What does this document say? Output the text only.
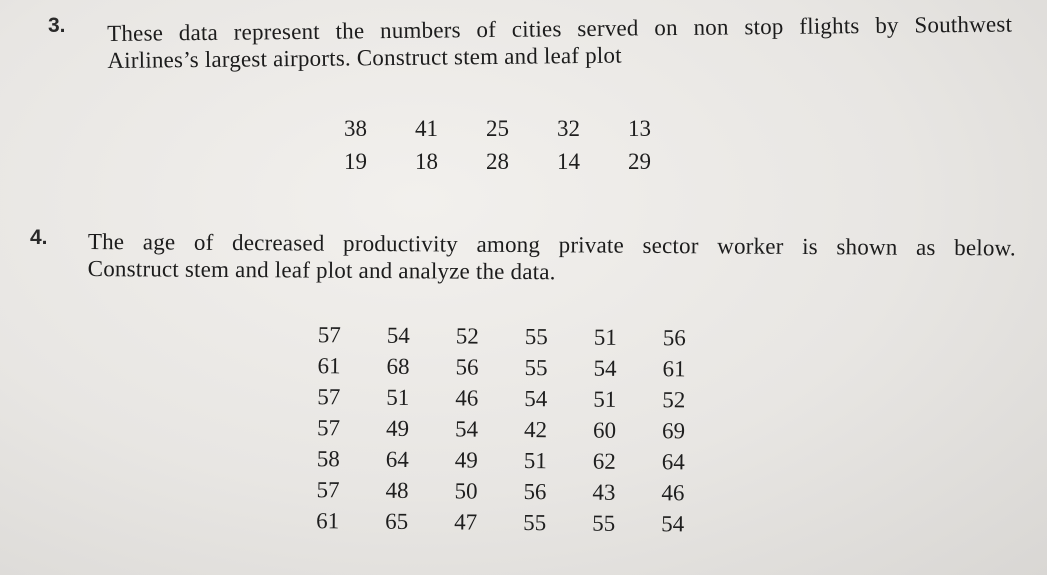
3. These data represent the numbers of cities served on non stop flights by Southwest
Airlines’s largest airports. Construct stem and leaf plot
38	41	25	32	13
19	18	28	14	29
4. The age of decreased productivity among private sector worker is shown as below.
Construct stem and leaf plot and analyze the data.
57	54	52	55	51	56
61	68	56	55	54	61
57	51	46	54	51	52
57	49	54	42	60	69
58	64	49	51	62	64
57	48	50	56	43	46
61	65	47	55	55	54
